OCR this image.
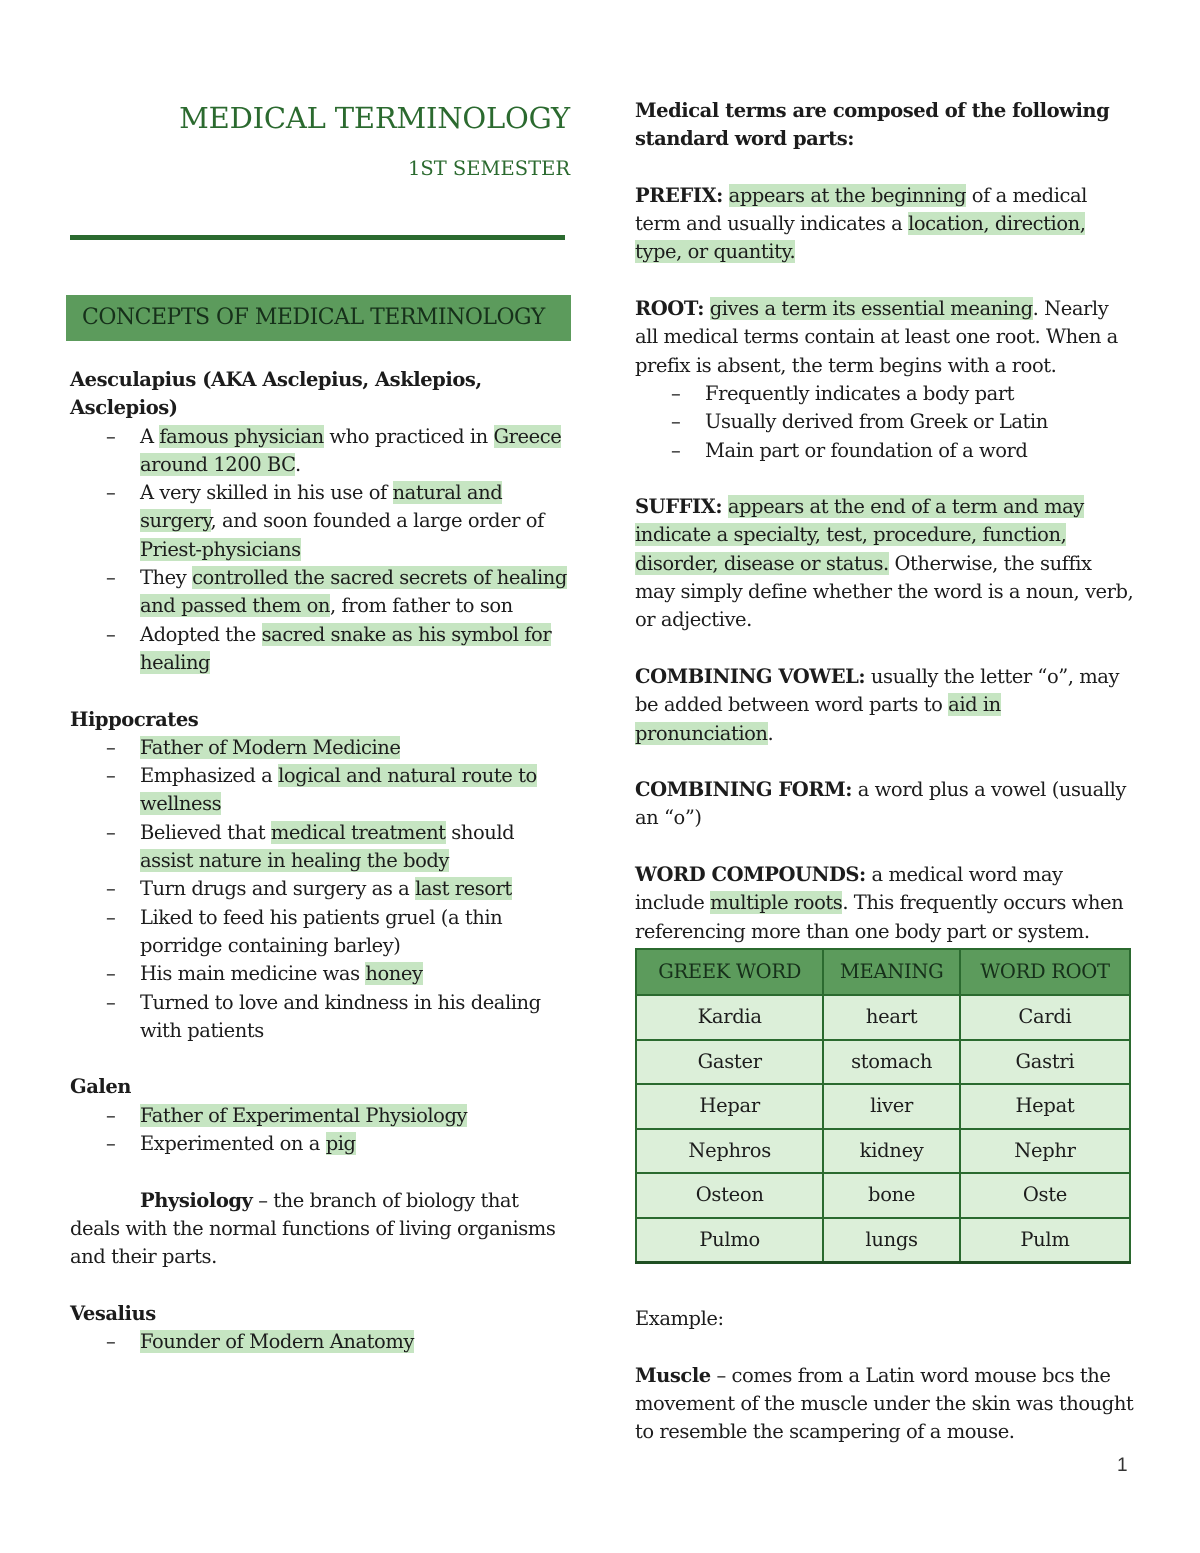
MEDICAL TERMINOLOGY
1ST SEMESTER
CONCEPTS OF MEDICAL TERMINOLOGY

Aesculapius (AKA Asclepius, Asklepios, Asclepios)

– A famous physician who practiced in Greece around 1200 BC.
– A very skilled in his use of natural and surgery, and soon founded a large order of Priest-physicians
– They controlled the sacred secrets of healing and passed them on, from father to son
– Adopted the sacred snake as his symbol for healing

Hippocrates

– Father of Modern Medicine
– Emphasized a logical and natural route to wellness
– Believed that medical treatment should assist nature in healing the body
– Turn drugs and surgery as a last resort
– Liked to feed his patients gruel (a thin porridge containing barley)
– His main medicine was honey
– Turned to love and kindness in his dealing with patients

Galen

– Father of Experimental Physiology
– Experimented on a pig

Physiology – the branch of biology that deals with the normal functions of living organisms and their parts.

Vesalius

– Founder of Modern Anatomy

Medical terms are composed of the following standard word parts:

PREFIX: appears at the beginning of a medical term and usually indicates a location, direction, type, or quantity.

ROOT: gives a term its essential meaning. Nearly all medical terms contain at least one root. When a prefix is absent, the term begins with a root.

– Frequently indicates a body part
– Usually derived from Greek or Latin
– Main part or foundation of a word

SUFFIX: appears at the end of a term and may indicate a specialty, test, procedure, function, disorder, disease or status. Otherwise, the suffix may simply define whether the word is a noun, verb, or adjective.

COMBINING VOWEL: usually the letter “o”, may be added between word parts to aid in pronunciation.

COMBINING FORM: a word plus a vowel (usually an “o”)

WORD COMPOUNDS: a medical word may include multiple roots. This frequently occurs when referencing more than one body part or system.

GREEK WORD	MEANING	WORD ROOT
Kardia	heart	Cardi
Gaster	stomach	Gastri
Hepar	liver	Hepat
Nephros	kidney	Nephr
Osteon	bone	Oste
Pulmo	lungs	Pulm

Example:

Muscle – comes from a Latin word mouse bcs the movement of the muscle under the skin was thought to resemble the scampering of a mouse.

1
